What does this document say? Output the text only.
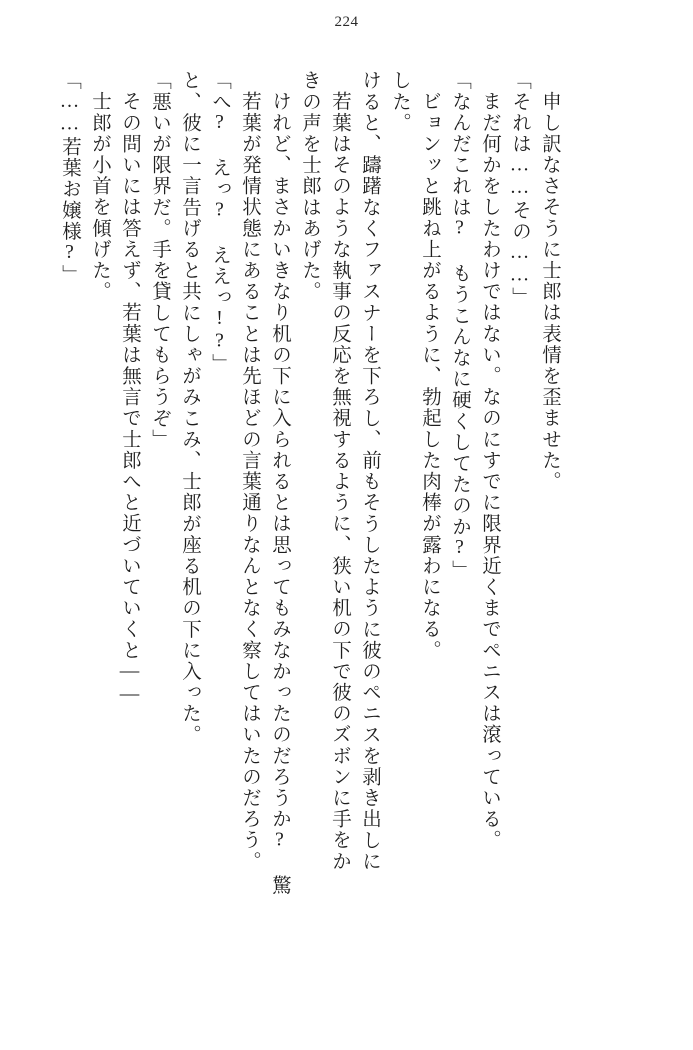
224
「……若葉お嬢様?」 士郎が小首を傾げた。 その問いには答えず、若葉は無言で士郎へと近づいていくと―― 「悪いが限界だ。手を貸してもらうぞ」 と、彼に一言告げると共にしゃがみこみ、士郎が座る机の下に入った。 「へ? えっ? ええっ!?」 若葉が発情状態にあることは先ほどの言葉通りなんとなく察してはいたのだろう。 けれど、まさかいきなり机の下に入られるとは思ってもみなかったのだろうか? 驚 きの声を士郎はあげた。 若葉はそのような執事の反応を無視するように、狭い机の下で彼のズボンに手をか けると、躊躇なくファスナーを下ろし、前もそうしたように彼のペニスを剥き出しに した。 ビョンッと跳ね上がるように、勃起した肉棒が露わになる。 「なんだこれは? もうこんなに硬くしてたのか?」 まだ何かをしたわけではない。なのにすでに限界近くまでペニスは滾っている。 「それは……その……」 申し訳なさそうに士郎は表情を歪ませた。
